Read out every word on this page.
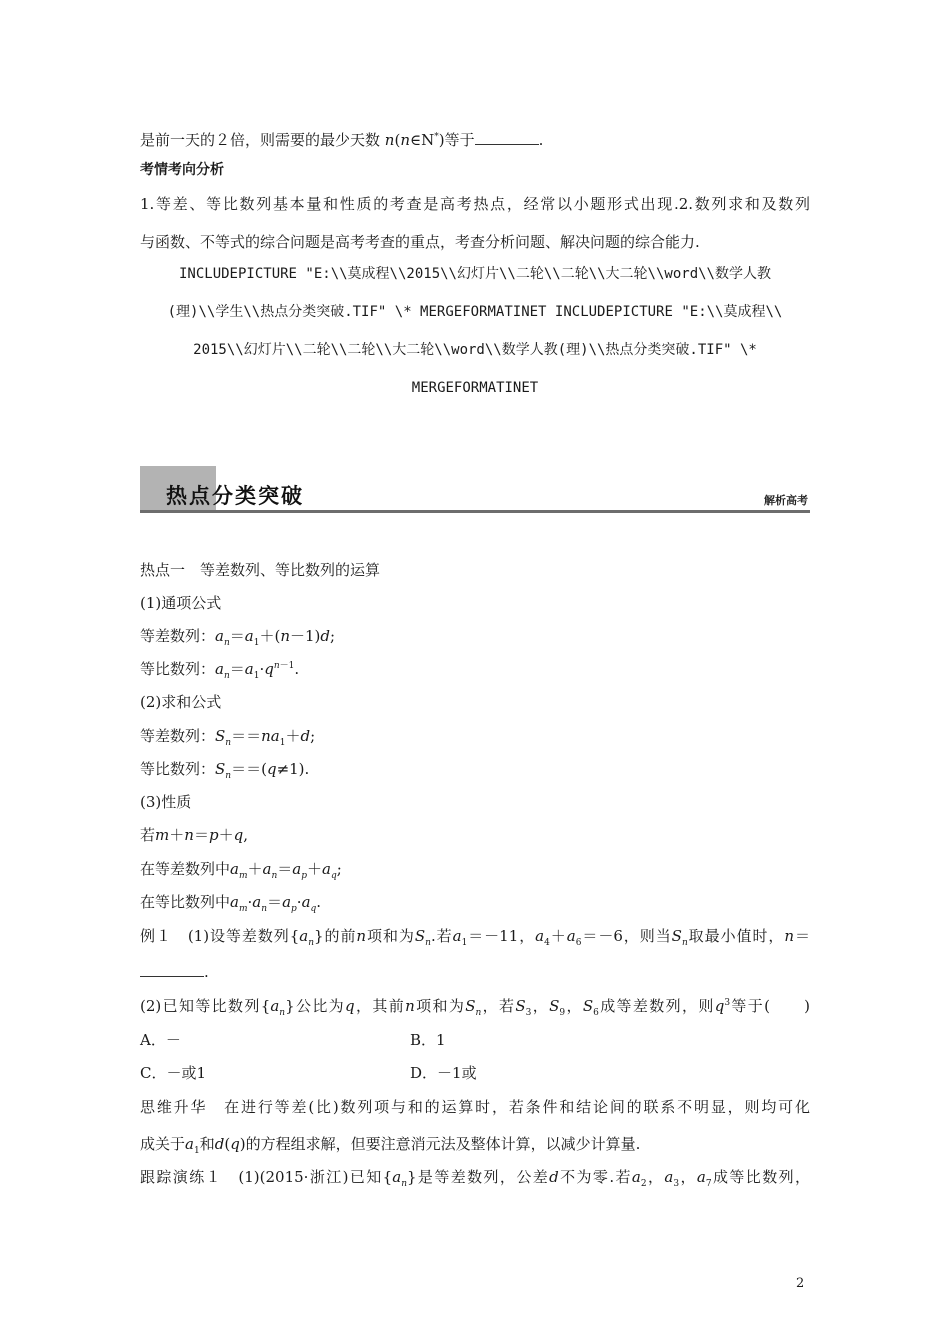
是前一天的２倍，则需要的最少天数 n(n∈N*)等于	.
考情考向分析
1.等差、等比数列基本量和性质的考查是高考热点，经常以小题形式出现.2.数列求和及数列
与函数、不等式的综合问题是高考考查的重点，考查分析问题、解决问题的综合能力.
INCLUDEPICTURE "E:\\莫成程\\2015\\幻灯片\\二轮\\二轮\\大二轮\\word\\数学人教
(理)\\学生\\热点分类突破.TIF" \* MERGEFORMATINET INCLUDEPICTURE "E:\\莫成程\\
2015\\幻灯片\\二轮\\二轮\\大二轮\\word\\数学人教(理)\\热点分类突破.TIF" \*
MERGEFORMATINET
热点分类突破	解析高考
热点一　等差数列、等比数列的运算
(1)通项公式
等差数列：$a_n=a_1+(n-1)d$;
等比数列：$a_n=a_1\cdot q^{n-1}$.
(2)求和公式
等差数列：$S_n==na_1+d$;
等比数列：$S_n==(q\ne 1)$.
(3)性质
若m＋n＝p＋q,
在等差数列中$a_m+a_n=a_p+a_q$;
在等比数列中$a_m\cdot a_n=a_p\cdot a_q$.
例１　(1)设等差数列$\{a_n\}$的前n项和为$S_n$.若$a_1=-11$，$a_4+a_6=-6$，则当$S_n$取最小值时，n＝
.
(2)已知等比数列$\{a_n\}$公比为q，其前n项和为$S_n$，若$S_3$，$S_9$，$S_6$成等差数列，则$q^3$等于(　　)
A．－	B．1
C．－或1	D．－1或
思维升华　在进行等差(比)数列项与和的运算时，若条件和结论间的联系不明显，则均可化
成关于$a_1$和d(q)的方程组求解，但要注意消元法及整体计算，以减少计算量.
跟踪演练１　(1)(2015·浙江)已知$\{a_n\}$是等差数列，公差d不为零.若$a_2$，$a_3$，$a_7$成等比数列，
2
